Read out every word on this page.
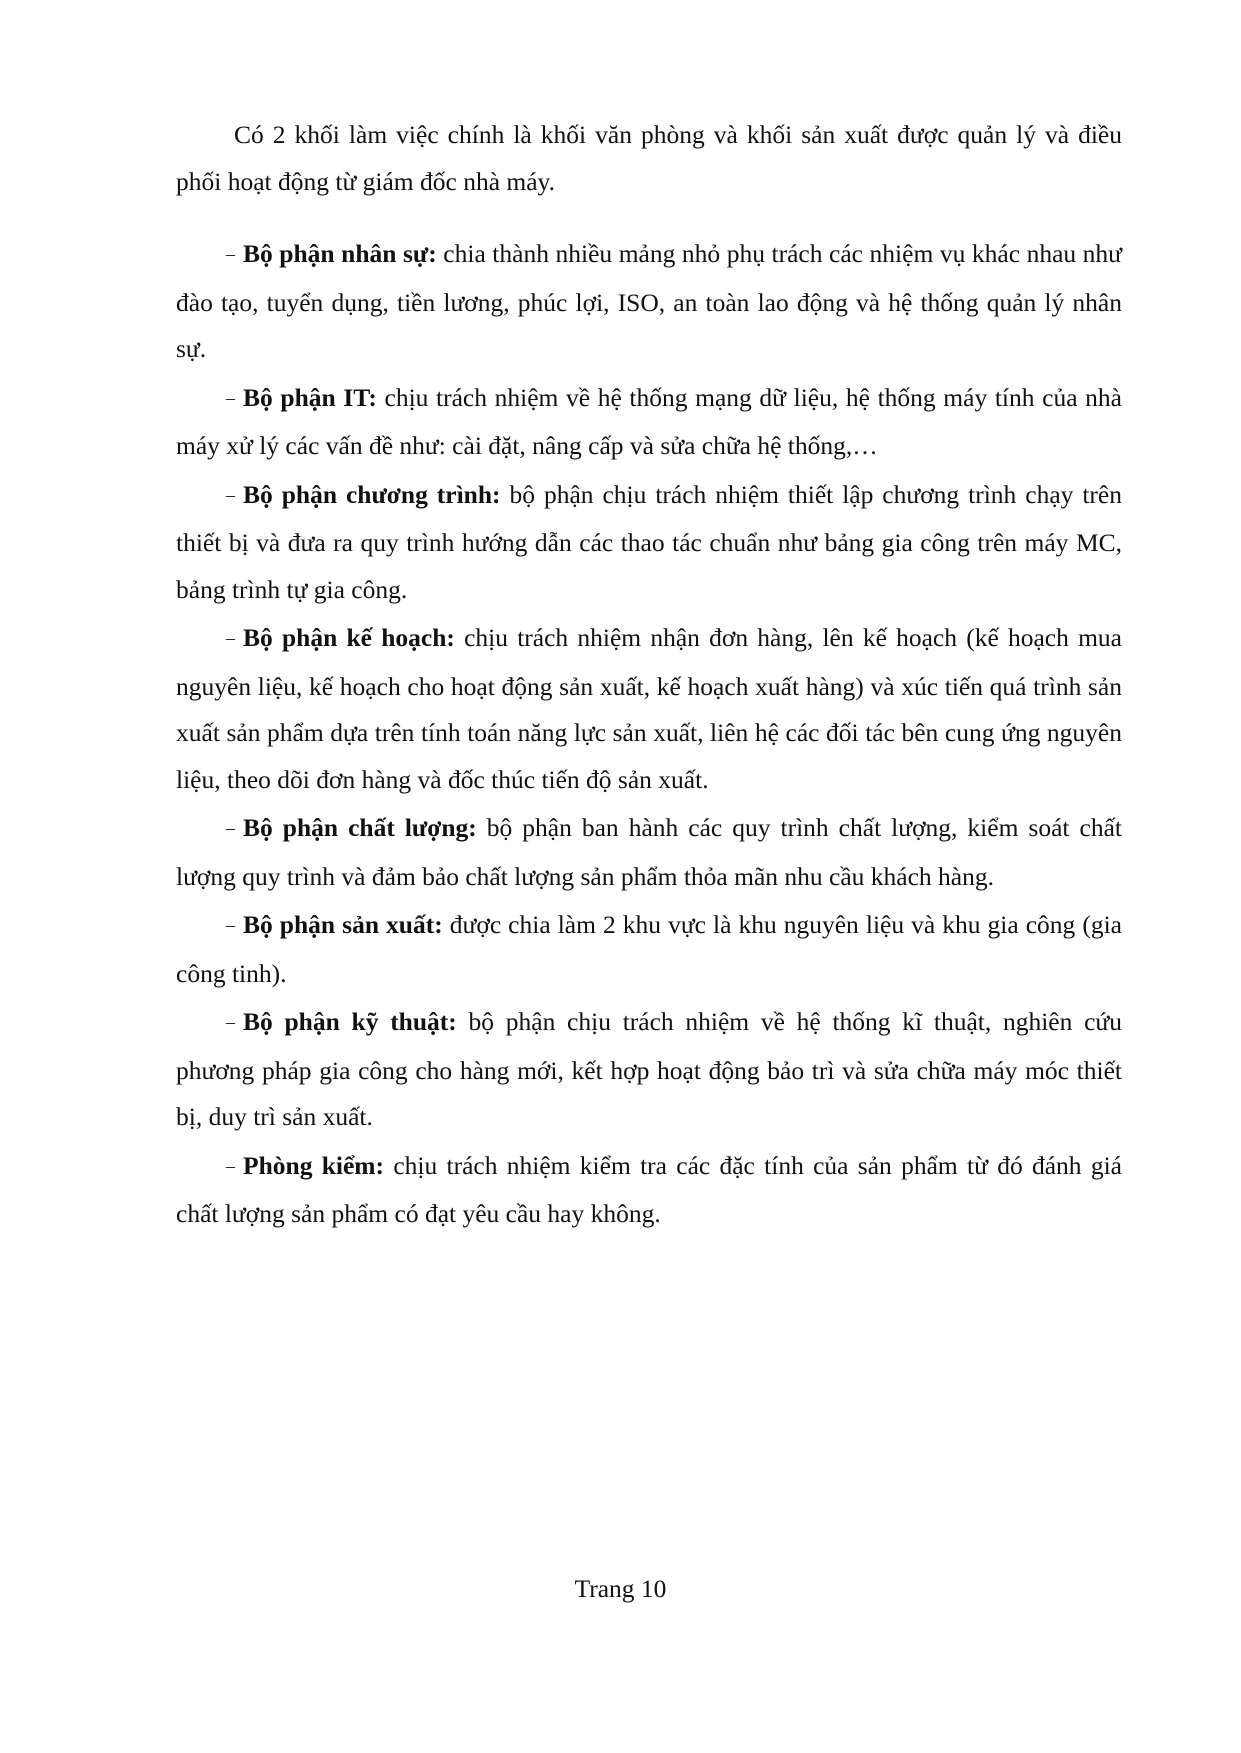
Có 2 khối làm việc chính là khối văn phòng và khối sản xuất được quản lý và điều phối hoạt động từ giám đốc nhà máy.

– Bộ phận nhân sự: chia thành nhiều mảng nhỏ phụ trách các nhiệm vụ khác nhau như đào tạo, tuyển dụng, tiền lương, phúc lợi, ISO, an toàn lao động và hệ thống quản lý nhân sự.

– Bộ phận IT: chịu trách nhiệm về hệ thống mạng dữ liệu, hệ thống máy tính của nhà máy xử lý các vấn đề như: cài đặt, nâng cấp và sửa chữa hệ thống,…

– Bộ phận chương trình: bộ phận chịu trách nhiệm thiết lập chương trình chạy trên thiết bị và đưa ra quy trình hướng dẫn các thao tác chuẩn như bảng gia công trên máy MC, bảng trình tự gia công.

– Bộ phận kế hoạch: chịu trách nhiệm nhận đơn hàng, lên kế hoạch (kế hoạch mua nguyên liệu, kế hoạch cho hoạt động sản xuất, kế hoạch xuất hàng) và xúc tiến quá trình sản xuất sản phẩm dựa trên tính toán năng lực sản xuất, liên hệ các đối tác bên cung ứng nguyên liệu, theo dõi đơn hàng và đốc thúc tiến độ sản xuất.

– Bộ phận chất lượng: bộ phận ban hành các quy trình chất lượng, kiểm soát chất lượng quy trình và đảm bảo chất lượng sản phẩm thỏa mãn nhu cầu khách hàng.

– Bộ phận sản xuất: được chia làm 2 khu vực là khu nguyên liệu và khu gia công (gia công tinh).

– Bộ phận kỹ thuật: bộ phận chịu trách nhiệm về hệ thống kĩ thuật, nghiên cứu phương pháp gia công cho hàng mới, kết hợp hoạt động bảo trì và sửa chữa máy móc thiết bị, duy trì sản xuất.

– Phòng kiểm: chịu trách nhiệm kiểm tra các đặc tính của sản phẩm từ đó đánh giá chất lượng sản phẩm có đạt yêu cầu hay không.

Trang 10
